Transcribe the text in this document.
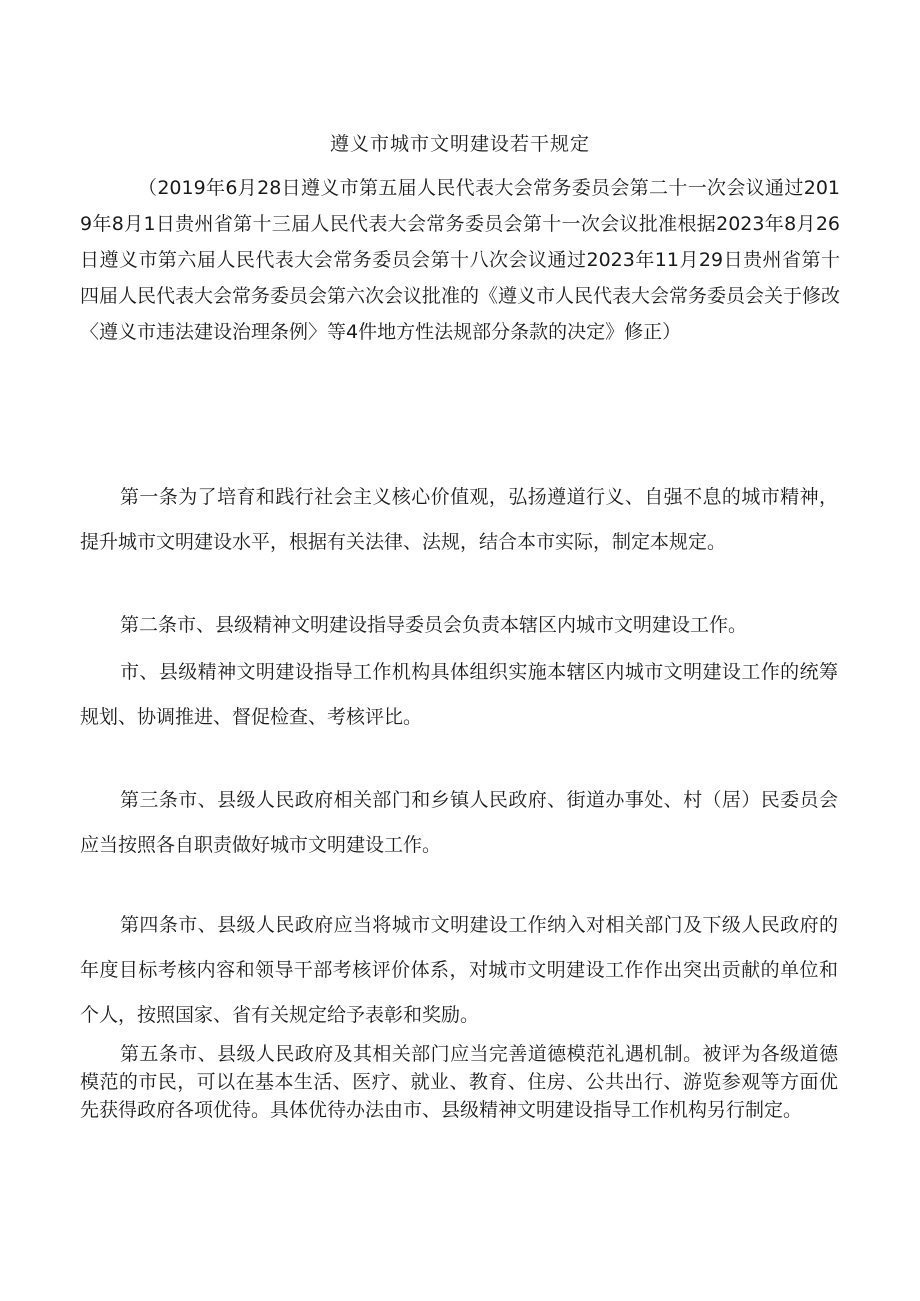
遵义市城市文明建设若干规定
（2019年6月28日遵义市第五届人民代表大会常务委员会第二十一次会议通过2019年8月1日贵州省第十三届人民代表大会常务委员会第十一次会议批准根据2023年8月26日遵义市第六届人民代表大会常务委员会第十八次会议通过2023年11月29日贵州省第十四届人民代表大会常务委员会第六次会议批准的《遵义市人民代表大会常务委员会关于修改〈遵义市违法建设治理条例〉等4件地方性法规部分条款的决定》修正）
第一条为了培育和践行社会主义核心价值观，弘扬遵道行义、自强不息的城市精神，提升城市文明建设水平，根据有关法律、法规，结合本市实际，制定本规定。
第二条市、县级精神文明建设指导委员会负责本辖区内城市文明建设工作。
市、县级精神文明建设指导工作机构具体组织实施本辖区内城市文明建设工作的统筹规划、协调推进、督促检查、考核评比。
第三条市、县级人民政府相关部门和乡镇人民政府、街道办事处、村（居）民委员会应当按照各自职责做好城市文明建设工作。
第四条市、县级人民政府应当将城市文明建设工作纳入对相关部门及下级人民政府的年度目标考核内容和领导干部考核评价体系，对城市文明建设工作作出突出贡献的单位和个人，按照国家、省有关规定给予表彰和奖励。
第五条市、县级人民政府及其相关部门应当完善道德模范礼遇机制。被评为各级道德模范的市民，可以在基本生活、医疗、就业、教育、住房、公共出行、游览参观等方面优先获得政府各项优待。具体优待办法由市、县级精神文明建设指导工作机构另行制定。
